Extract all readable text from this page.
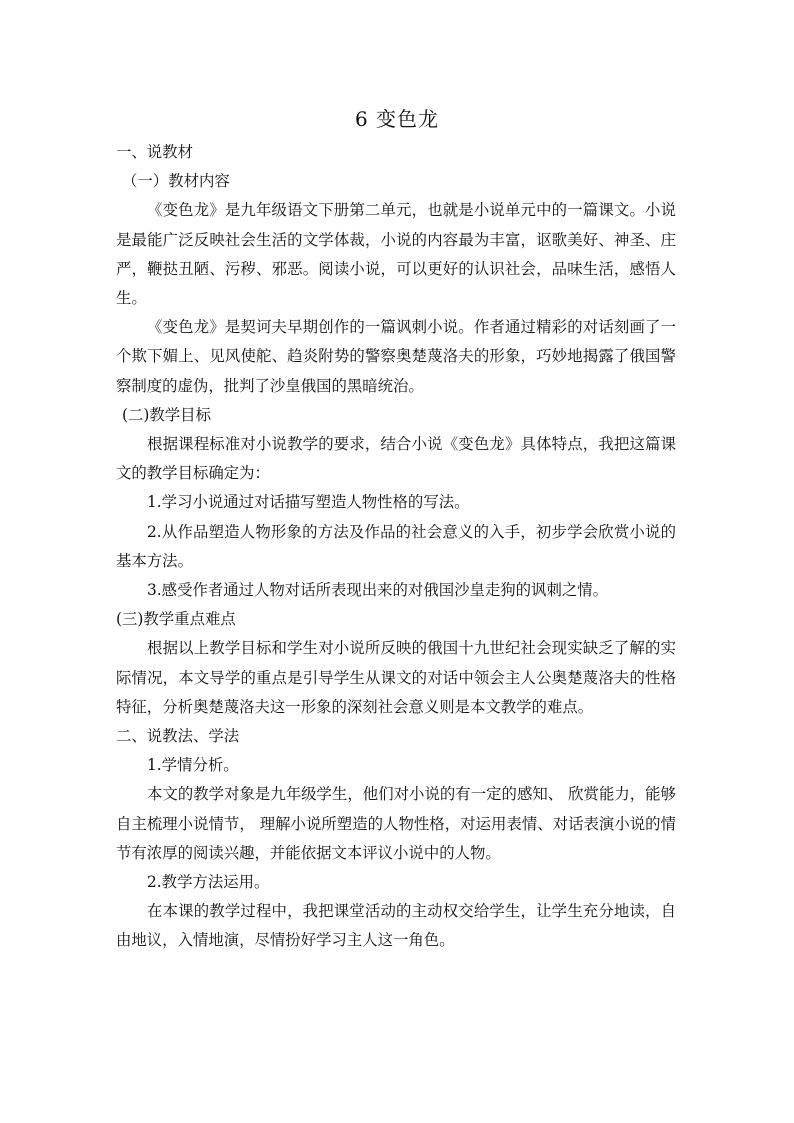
6 变色龙

一、说教材

（一）教材内容

《变色龙》是九年级语文下册第二单元，也就是小说单元中的一篇课文。小说是最能广泛反映社会生活的文学体裁，小说的内容最为丰富，讴歌美好、神圣、庄严，鞭挞丑陋、污秽、邪恶。阅读小说，可以更好的认识社会，品味生活，感悟人生。

《变色龙》是契诃夫早期创作的一篇讽刺小说。作者通过精彩的对话刻画了一个欺下媚上、见风使舵、趋炎附势的警察奥楚蔑洛夫的形象，巧妙地揭露了俄国警察制度的虚伪，批判了沙皇俄国的黑暗统治。

(二)教学目标

根据课程标准对小说教学的要求，结合小说《变色龙》具体特点，我把这篇课文的教学目标确定为：

1.学习小说通过对话描写塑造人物性格的写法。

2.从作品塑造人物形象的方法及作品的社会意义的入手，初步学会欣赏小说的基本方法。

3.感受作者通过人物对话所表现出来的对俄国沙皇走狗的讽刺之情。

(三)教学重点难点

根据以上教学目标和学生对小说所反映的俄国十九世纪社会现实缺乏了解的实际情况，本文导学的重点是引导学生从课文的对话中领会主人公奥楚蔑洛夫的性格特征，分析奥楚蔑洛夫这一形象的深刻社会意义则是本文教学的难点。

二、说教法、学法

1.学情分析。

本文的教学对象是九年级学生，他们对小说的有一定的感知、 欣赏能力，能够自主梳理小说情节， 理解小说所塑造的人物性格，对运用表情、对话表演小说的情节有浓厚的阅读兴趣，并能依据文本评议小说中的人物。

2.教学方法运用。

在本课的教学过程中，我把课堂活动的主动权交给学生，让学生充分地读，自由地议，入情地演，尽情扮好学习主人这一角色。
